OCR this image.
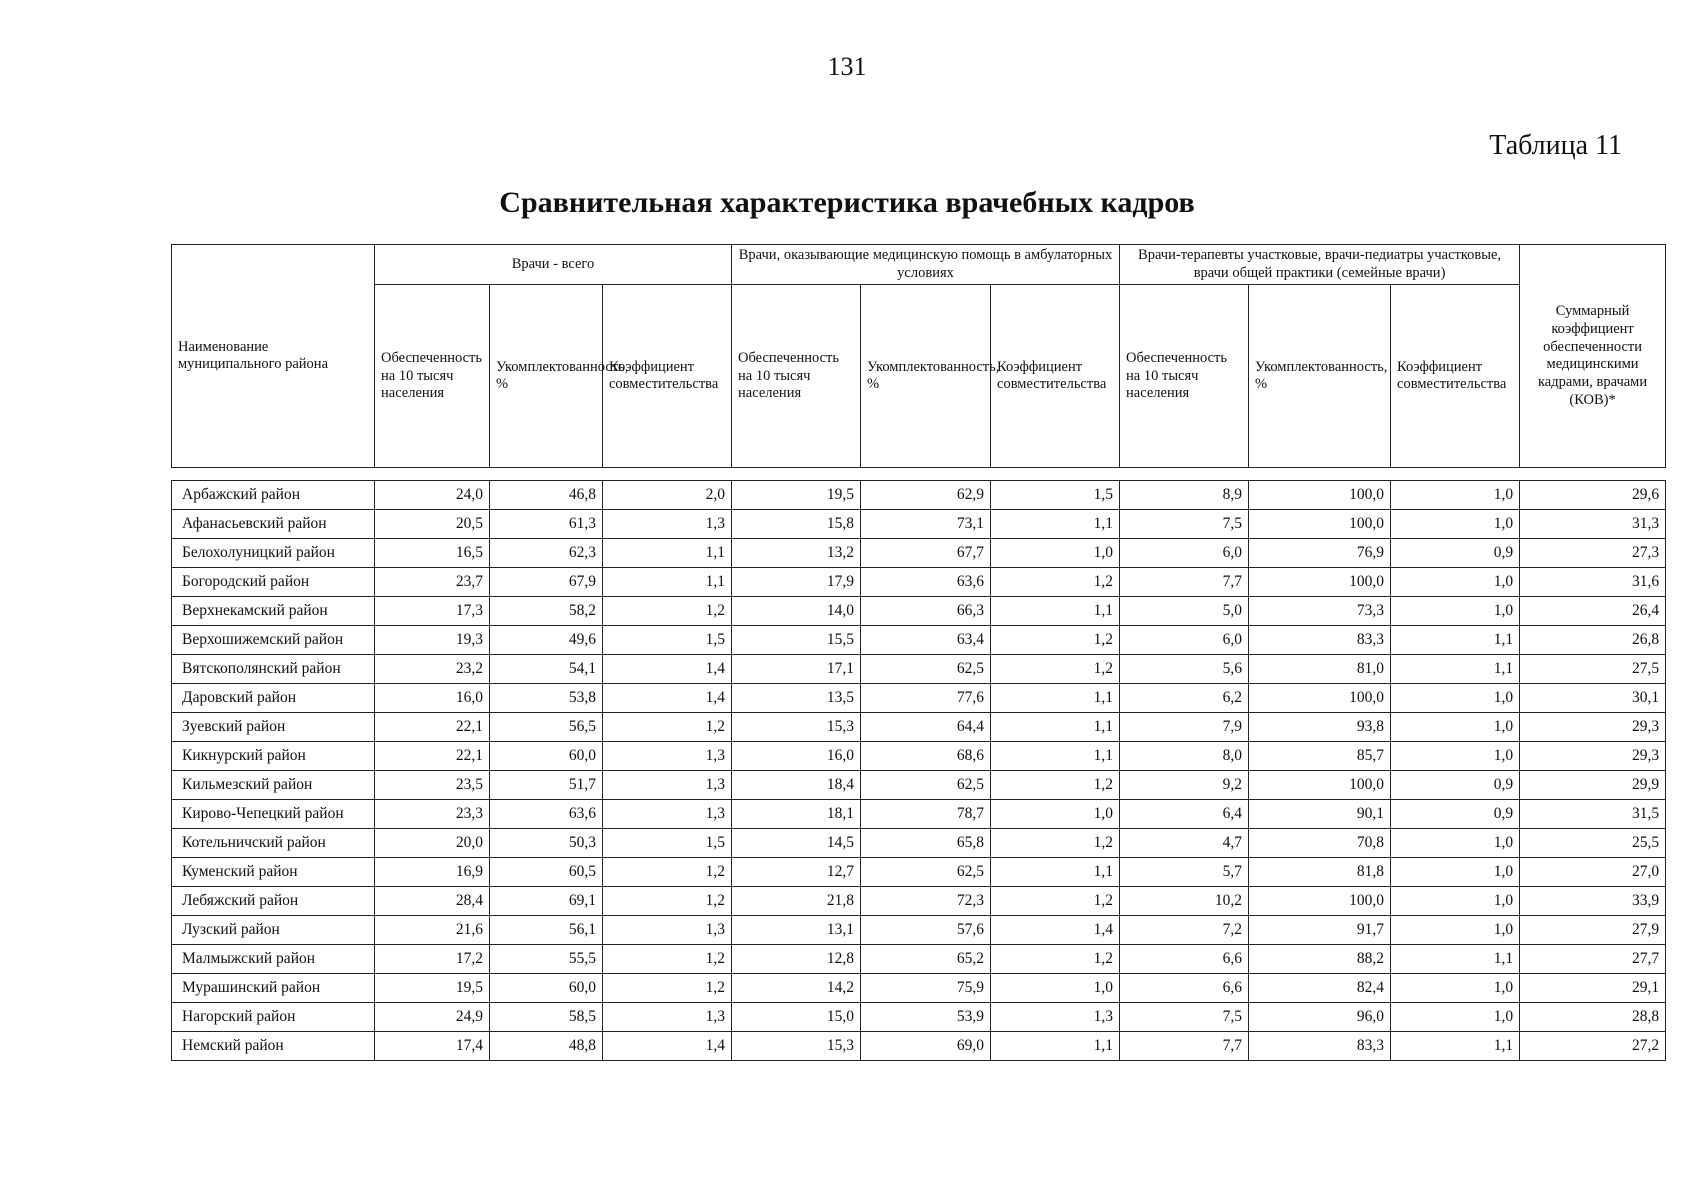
131
Таблица 11
Сравнительная характеристика врачебных кадров
Наименование муниципального района	Врачи - всего			Врачи, оказывающие медицинскую помощь в амбулаторных условиях			Врачи-терапевты участковые, врачи-педиатры участковые, врачи общей практики (семейные врачи)			Суммарный коэффициент обеспеченности медицинскими кадрами, врачами (КОВ)*
	Обеспеченность на 10 тысяч населения	Укомплектованность, %	Коэффициент совместительства	Обеспеченность на 10 тысяч населения	Укомплектованность, %	Коэффициент совместительства	Обеспеченность на 10 тысяч населения	Укомплектованность, %	Коэффициент совместительства	

Арбажский район	24,0	46,8	2,0	19,5	62,9	1,5	8,9	100,0	1,0	29,6
Афанасьевский район	20,5	61,3	1,3	15,8	73,1	1,1	7,5	100,0	1,0	31,3
Белохолуницкий район	16,5	62,3	1,1	13,2	67,7	1,0	6,0	76,9	0,9	27,3
Богородский район	23,7	67,9	1,1	17,9	63,6	1,2	7,7	100,0	1,0	31,6
Верхнекамский район	17,3	58,2	1,2	14,0	66,3	1,1	5,0	73,3	1,0	26,4
Верхошижемский район	19,3	49,6	1,5	15,5	63,4	1,2	6,0	83,3	1,1	26,8
Вятскополянский район	23,2	54,1	1,4	17,1	62,5	1,2	5,6	81,0	1,1	27,5
Даровский район	16,0	53,8	1,4	13,5	77,6	1,1	6,2	100,0	1,0	30,1
Зуевский район	22,1	56,5	1,2	15,3	64,4	1,1	7,9	93,8	1,0	29,3
Кикнурский район	22,1	60,0	1,3	16,0	68,6	1,1	8,0	85,7	1,0	29,3
Кильмезский район	23,5	51,7	1,3	18,4	62,5	1,2	9,2	100,0	0,9	29,9
Кирово-Чепецкий район	23,3	63,6	1,3	18,1	78,7	1,0	6,4	90,1	0,9	31,5
Котельничский район	20,0	50,3	1,5	14,5	65,8	1,2	4,7	70,8	1,0	25,5
Куменский район	16,9	60,5	1,2	12,7	62,5	1,1	5,7	81,8	1,0	27,0
Лебяжский район	28,4	69,1	1,2	21,8	72,3	1,2	10,2	100,0	1,0	33,9
Лузский район	21,6	56,1	1,3	13,1	57,6	1,4	7,2	91,7	1,0	27,9
Малмыжский район	17,2	55,5	1,2	12,8	65,2	1,2	6,6	88,2	1,1	27,7
Мурашинский район	19,5	60,0	1,2	14,2	75,9	1,0	6,6	82,4	1,0	29,1
Нагорский район	24,9	58,5	1,3	15,0	53,9	1,3	7,5	96,0	1,0	28,8
Немский район	17,4	48,8	1,4	15,3	69,0	1,1	7,7	83,3	1,1	27,2
